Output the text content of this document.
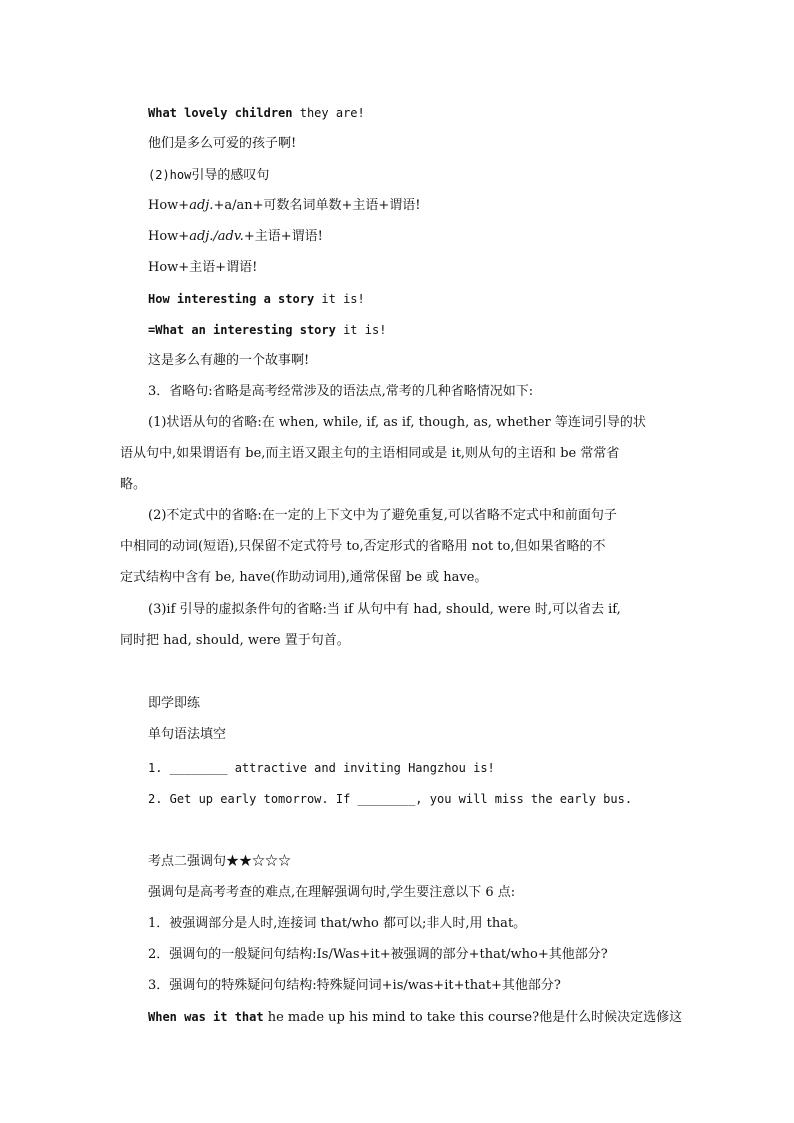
What lovely children they are!
他们是多么可爱的孩子啊!
(2)how引导的感叹句
How+adj.+a/an+可数名词单数+主语+谓语!
How+adj./adv.+主语+谓语!
How+主语+谓语!
How interesting a story it is!
=What an interesting story it is!
这是多么有趣的一个故事啊!
3．省略句:省略是高考经常涉及的语法点,常考的几种省略情况如下:
(1)状语从句的省略:在 when, while, if, as if, though, as, whether 等连词引导的状
语从句中,如果谓语有 be,而主语又跟主句的主语相同或是 it,则从句的主语和 be 常常省
略。
(2)不定式中的省略:在一定的上下文中为了避免重复,可以省略不定式中和前面句子
中相同的动词(短语),只保留不定式符号 to,否定形式的省略用 not to,但如果省略的不
定式结构中含有 be, have(作助动词用),通常保留 be 或 have。
(3)if 引导的虚拟条件句的省略:当 if 从句中有 had, should, were 时,可以省去 if,
同时把 had, should, were 置于句首。
即学即练
单句语法填空
1. ________ attractive and inviting Hangzhou is!
2. Get up early tomorrow. If ________, you will miss the early bus.
考点二强调句★★☆☆☆
强调句是高考考查的难点,在理解强调句时,学生要注意以下 6 点:
1．被强调部分是人时,连接词 that/who 都可以;非人时,用 that。
2．强调句的一般疑问句结构:Is/Was+it+被强调的部分+that/who+其他部分?
3．强调句的特殊疑问句结构:特殊疑问词+is/was+it+that+其他部分?
When was it that he made up his mind to take this course?他是什么时候决定选修这
